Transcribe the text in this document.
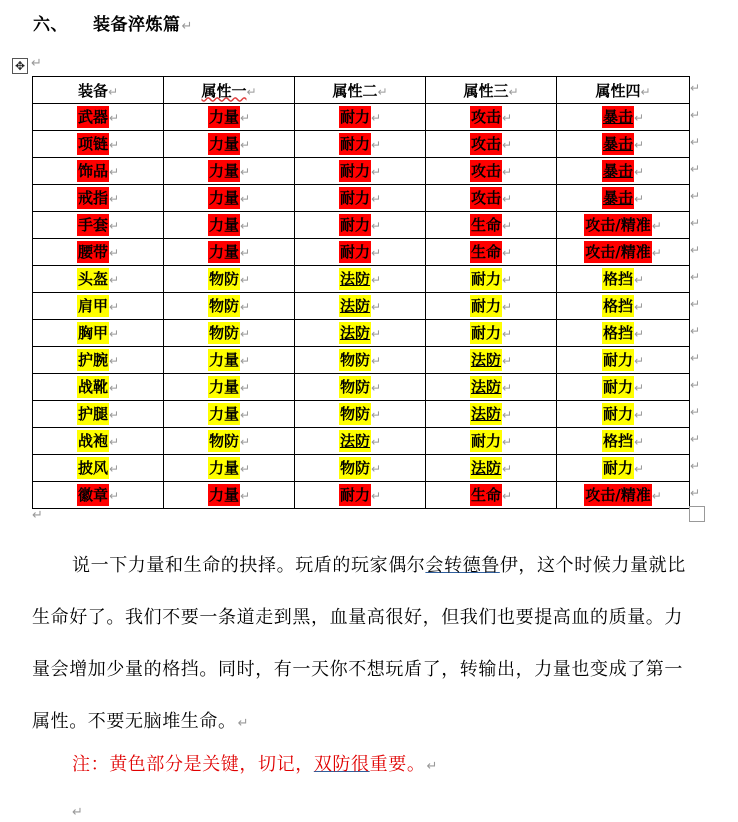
六、 装备淬炼篇↵
✥ ↵
装备↵	属性一↵	属性二↵	属性三↵	属性四↵
武器↵	力量↵	耐力↵	攻击↵	暴击↵
项链↵	力量↵	耐力↵	攻击↵	暴击↵
饰品↵	力量↵	耐力↵	攻击↵	暴击↵
戒指↵	力量↵	耐力↵	攻击↵	暴击↵
手套↵	力量↵	耐力↵	生命↵	攻击/精准↵
腰带↵	力量↵	耐力↵	生命↵	攻击/精准↵
头盔↵	物防↵	法防↵	耐力↵	格挡↵
肩甲↵	物防↵	法防↵	耐力↵	格挡↵
胸甲↵	物防↵	法防↵	耐力↵	格挡↵
护腕↵	力量↵	物防↵	法防↵	耐力↵
战靴↵	力量↵	物防↵	法防↵	耐力↵
护腿↵	力量↵	物防↵	法防↵	耐力↵
战袍↵	物防↵	法防↵	耐力↵	格挡↵
披风↵	力量↵	物防↵	法防↵	耐力↵
徽章↵	力量↵	耐力↵	生命↵	攻击/精准↵
↵
↵
↵
↵
↵
↵
↵
↵
↵
↵
↵
↵
↵
↵
↵
↵
↵
说一下力量和生命的抉择。玩盾的玩家偶尔会转德鲁伊，这个时候力量就比生命好了。我们不要一条道走到黑，血量高很好，但我们也要提高血的质量。力量会增加少量的格挡。同时，有一天你不想玩盾了，转输出，力量也变成了第一属性。不要无脑堆生命。↵
注：黄色部分是关键，切记，双防很重要。↵
↵
